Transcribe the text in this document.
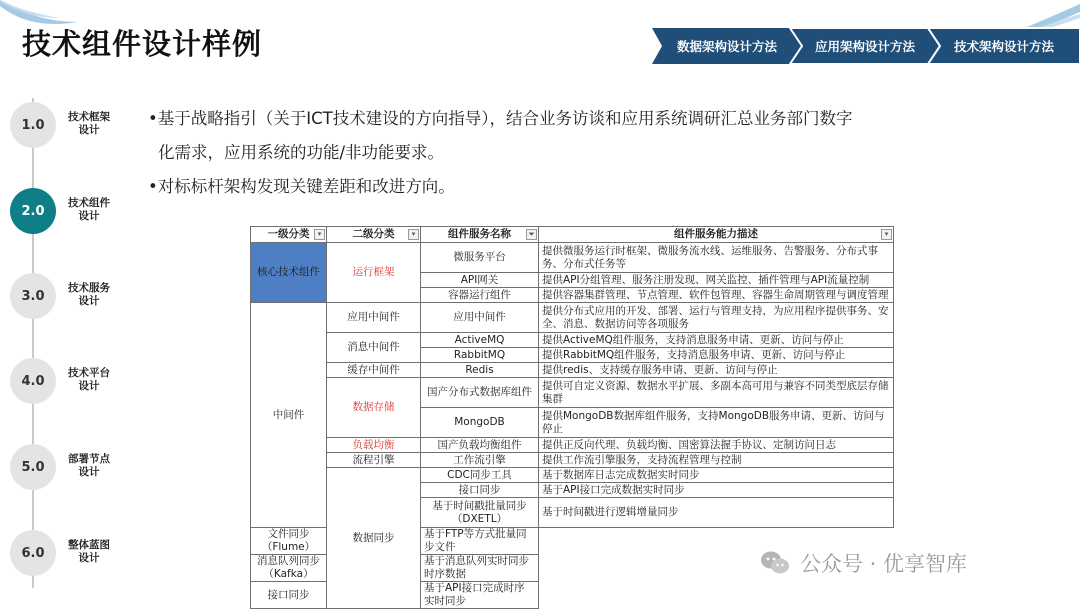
技术组件设计样例	数据架构设计方法	应用架构设计方法	技术架构设计方法
1.0
技术框架设计
2.0
技术组件设计
3.0
技术服务设计
4.0
技术平台设计
5.0
部署节点设计
6.0
整体蓝图设计

•基于战略指引（关于ICT技术建设的方向指导），结合业务访谈和应用系统调研汇总业务部门数字

化需求，应用系统的功能/非功能要求。

•对标标杆架构发现关键差距和改进方向。

一级分类 ▾	二级分类 ▾	组件服务名称 ⏷	组件服务能力描述 ▾

核心技术组件	运行框架	微服务平台	提供微服务运行时框架、微服务流水线、运维服务、告警服务、分布式事务、分布式任务等
		API网关	提供API分组管理、服务注册发现、网关监控、插件管理与API流量控制
		容器运行组件	提供容器集群管理、节点管理、软件包管理、容器生命周期管理与调度管理
中间件	应用中间件	应用中间件	提供分布式应用的开发、部署、运行与管理支持，为应用程序提供事务、安全、消息、数据访问等各项服务
	消息中间件	ActiveMQ	提供ActiveMQ组件服务，支持消息服务申请、更新、访问与停止
		RabbitMQ	提供RabbitMQ组件服务，支持消息服务申请、更新、访问与停止
	缓存中间件	Redis	提供redis、支持缓存服务申请、更新、访问与停止
	数据存储	国产分布式数据库组件	提供可自定义资源、数据水平扩展、多副本高可用与兼容不同类型底层存储集群
		MongoDB	提供MongoDB数据库组件服务，支持MongoDB服务申请、更新、访问与停止
	负载均衡	国产负载均衡组件	提供正反向代理、负载均衡、国密算法握手协议、定制访问日志
	流程引擎	工作流引擎	提供工作流引擎服务，支持流程管理与控制
	数据同步	CDC同步工具	基于数据库日志完成数据实时同步
		接口同步	基于API接口完成数据实时同步
		基于时间戳批量同步（DXETL）	基于时间戳进行逻辑增量同步
文件同步（Flume）		基于FTP等方式批量同步文件	
消息队列同步（Kafka）		基于消息队列实时同步时序数据	
接口同步		基于API接口完成时序实时同步	
公众号 · 优享智库
